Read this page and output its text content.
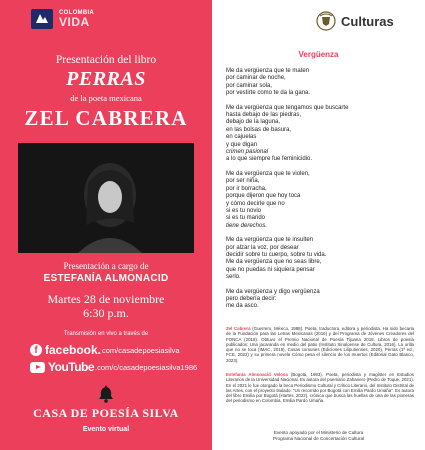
COLOMBIA
VIDA
Presentación del libro
PERRAS
de la poeta mexicana
ZEL CABRERA
Presentación a cargo de
ESTEFANÍA ALMONACID
Martes 28 de noviembre
6:30 p.m.
Transmisión en vivo a través de
f facebook. com/casadepoesiasilva
YouTube .com/c/casadepoesiasilva1986
CASA DE POESÍA SILVA
Evento virtual
Culturas
Vergüenza
Me da vergüenza que te maten
por caminar de noche,
por caminar sola,
por vestirte como te da la gana.
Me da vergüenza que tengamos que buscarte
hasta debajo de las piedras,
debajo de la laguna,
en las bolsas de basura,
en cajuelas
y que digan
crimen pasional
a lo que siempre fue feminicidio.
Me da vergüenza que te violen,
por ser niña,
por ir borracha,
porque dijeron que hoy toca
y cómo decirle que no
si es tu novio
si es tu marido
tiene derechos.
Me da vergüenza que te insulten
por alzar la voz, por desear
decidir sobre tu cuerpo, sobre tu vida.
Me da vergüenza que no seas libre,
que no puedas ni siquiera pensar
serlo.
Me da vergüenza y digo vergüenza
pero debería decir:
me da asco.
Zel Cabrera (Guerrero, México, 1988). Poeta, traductora, editora y periodista. Ha sido becaria de la Fundación para las Letras Mexicanas (2016) y del Programa de Jóvenes Creadores del FONCA (2018). Obtuvo el Premio Nacional de Poesía Tijuana 2018. Libros de poesía publicados: Una jacaranda en medio del patio (Instituto Sinaloense de Cultura, 2016), La orilla que no se toca (IMAC, 2019), Cosas comunes (Ediciones Liliputienses, 2020), Perras (1ª ed., FCE, 2022) y su primera novela Cómo pesa el silencio de los muertos (Editorial Gato Blanco, 2023).
Estefanía Almonacid Velosa (Bogotá, 1993). Poeta, periodista y magíster en Estudios Literarios de la Universidad Nacional. Es autora del poemario Zahanero (Pedro de Toque, 2021). En el 2021 le fue otorgado la beca Periodismo Cultural y Crítico Literario, del Instituto Distrital de las Artes, con el proyecto titulado: "Un recorrido por Bogotá con Emilia Pardo Umaña". Es autora del libro Emilia por Bogotá (Hartes, 2022), crónica que busca las huellas de una de las pioneras del periodismo en Colombia, Emilia Pardo Umaña.
Evento apoyado por el Ministerio de Cultura
Programa Nacional de Concertación Cultural
